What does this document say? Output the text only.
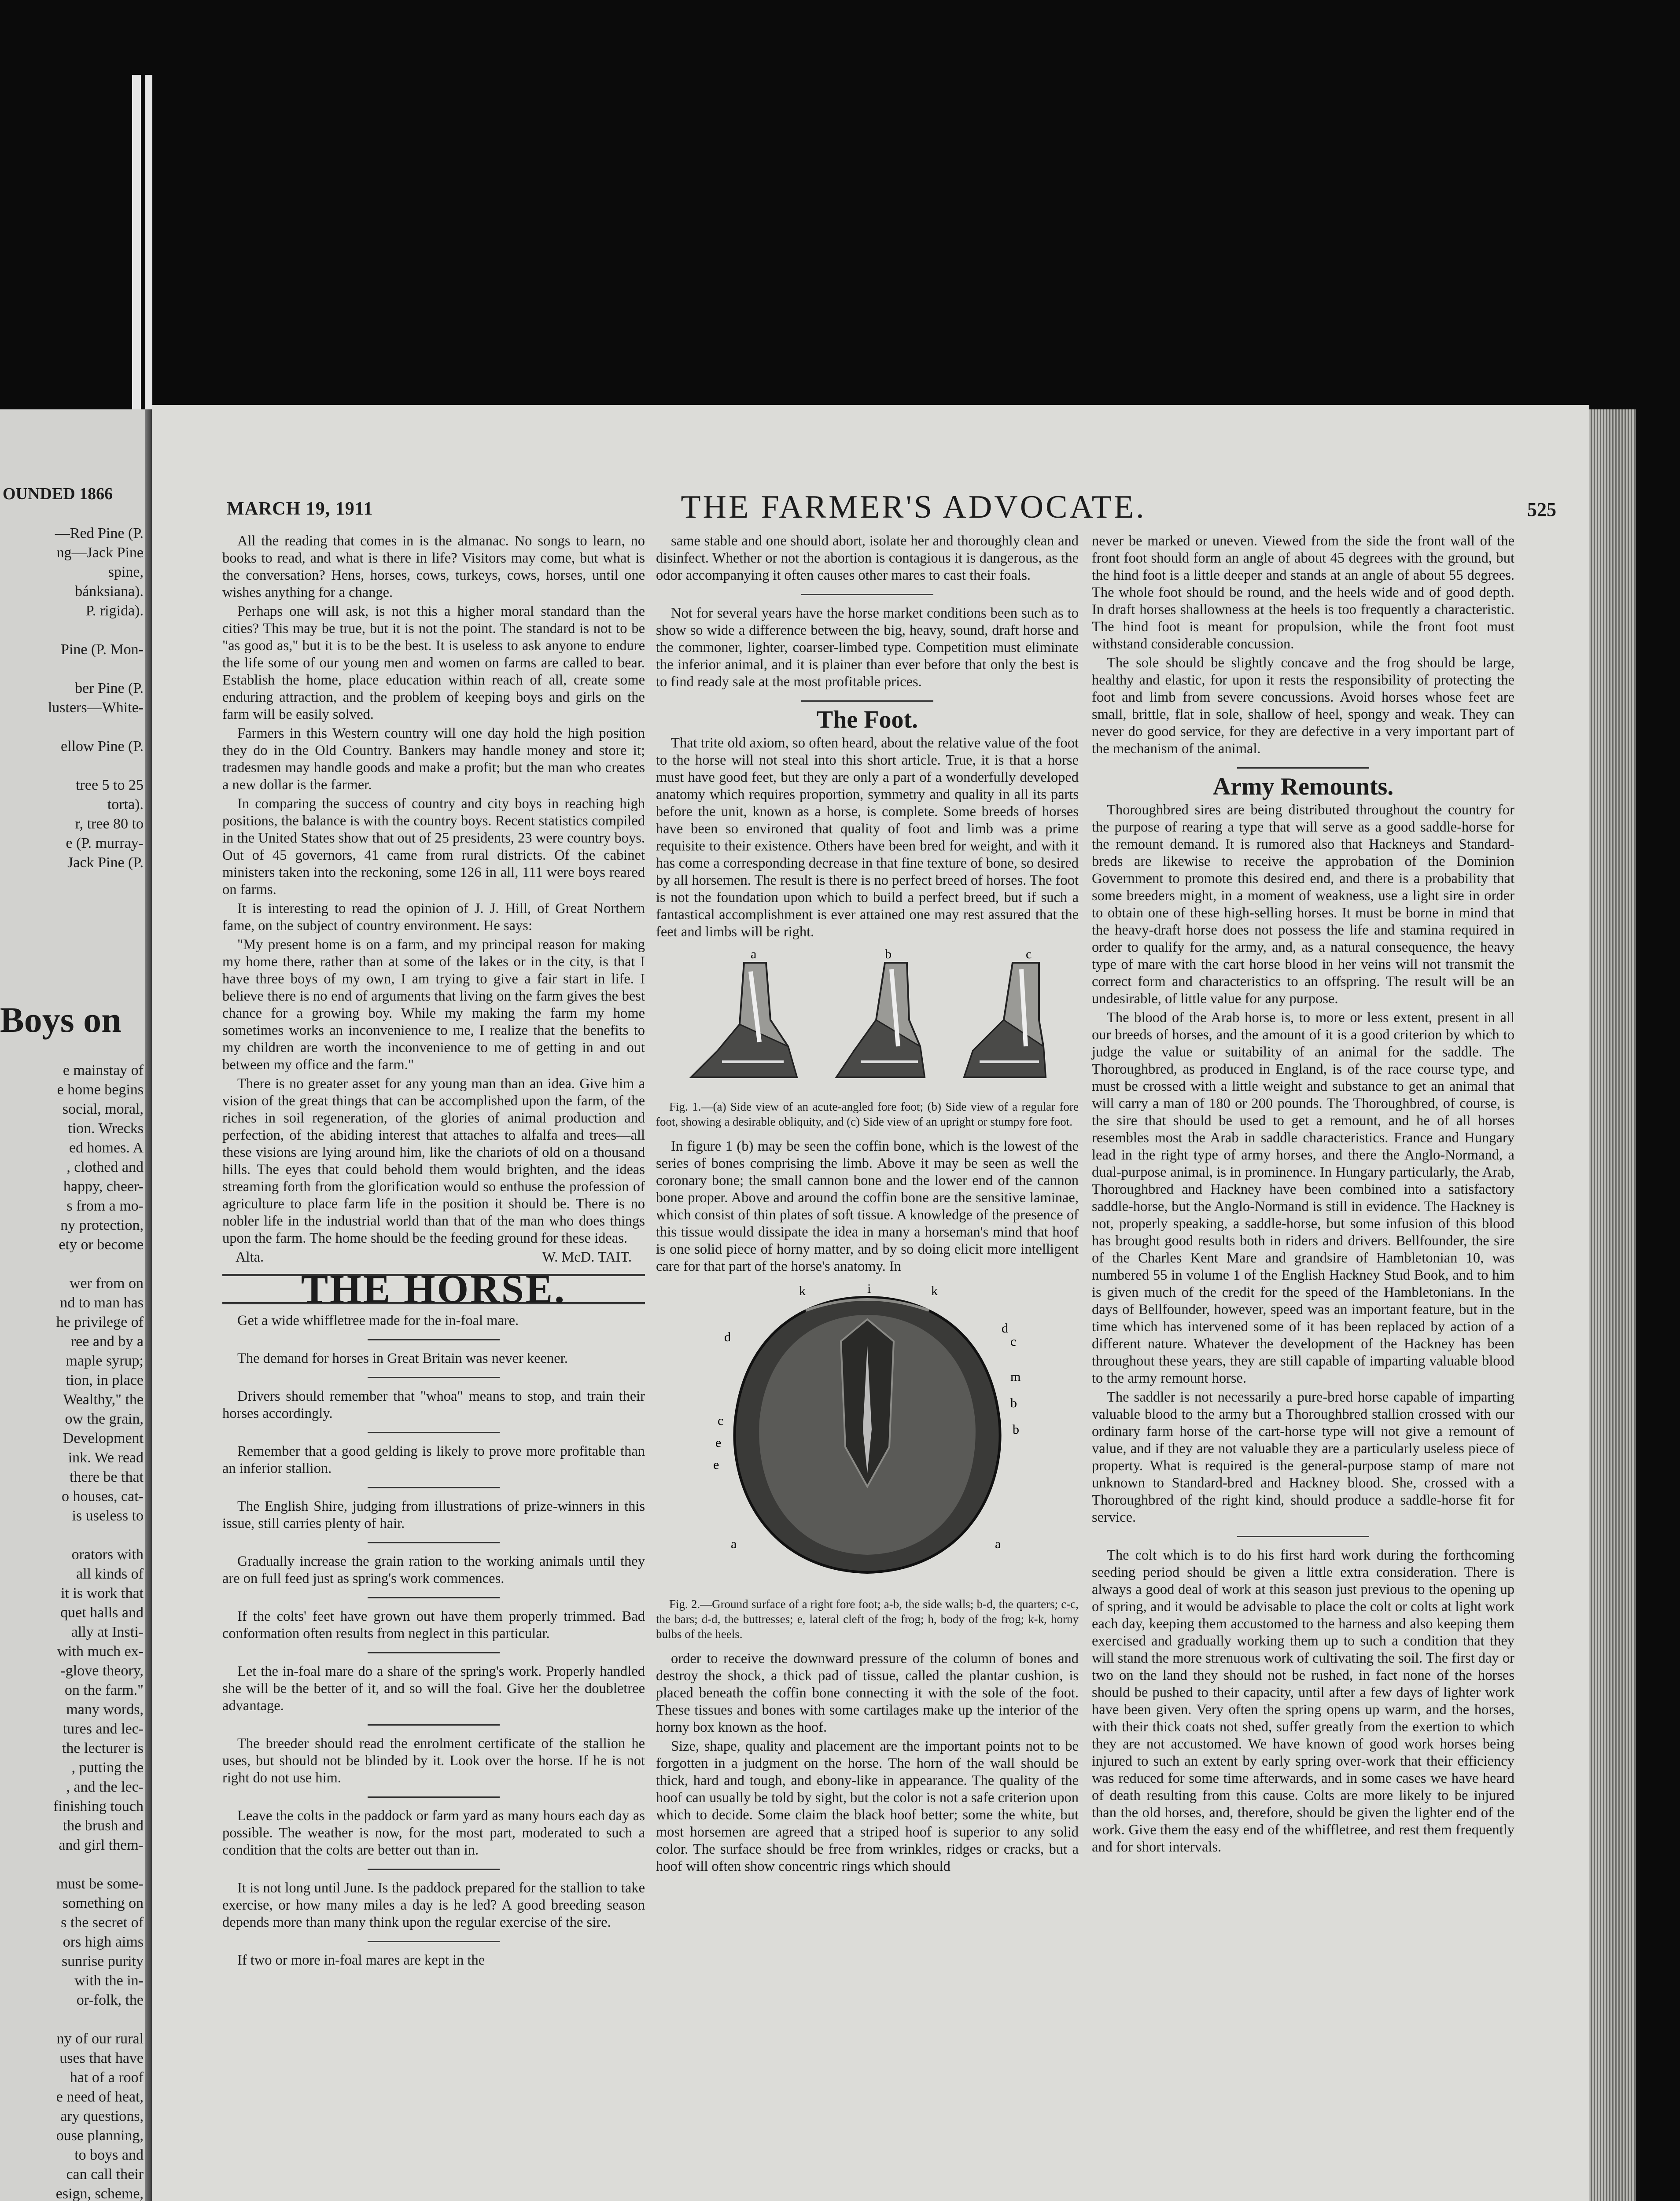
OUNDED 1866
—Red Pine (P.
ng—Jack Pine
spine,
bánksiana).
P. rigida).

Pine (P. Mon-

ber Pine (P.
lusters—White-

ellow Pine (P.

tree 5 to 25
torta).
r, tree 80 to
e (P. murray-
Jack Pine (P.
Boys on
e mainstay of
e home begins
social, moral,
tion. Wrecks
ed homes. A
, clothed and
happy, cheer-
s from a mo-
ny protection,
ety or become

wer from on
nd to man has
he privilege of
ree and by a
maple syrup;
tion, in place
Wealthy," the
ow the grain,
Development
ink. We read
there be that
o houses, cat-
is useless to

orators with
all kinds of
it is work that
quet halls and
ally at Insti-
with much ex-
-glove theory,
on the farm."
many words,
tures and lec-
the lecturer is
, putting the
, and the lec-
finishing touch
the brush and
and girl them-

must be some-
something on
s the secret of
ors high aims
sunrise purity
with the in-
or-folk, the

ny of our rural
uses that have
hat of a roof
e need of heat,
ary questions,
ouse planning,
to boys and
can call their
esign, scheme,

MARCH 19, 1911	THE FARMER'S ADVOCATE.	525

All the reading that comes in is the almanac. No songs to learn, no books to read, and what is there in life? Visitors may come, but what is the conversation? Hens, horses, cows, turkeys, cows, horses, until one wishes anything for a change.

Perhaps one will ask, is not this a higher moral standard than the cities? This may be true, but it is not the point. The standard is not to be "as good as," but it is to be the best. It is useless to ask anyone to endure the life some of our young men and women on farms are called to bear. Establish the home, place education within reach of all, create some enduring attraction, and the problem of keeping boys and girls on the farm will be easily solved.

Farmers in this Western country will one day hold the high position they do in the Old Country. Bankers may handle money and store it; tradesmen may handle goods and make a profit; but the man who creates a new dollar is the farmer.

In comparing the success of country and city boys in reaching high positions, the balance is with the country boys. Recent statistics compiled in the United States show that out of 25 presidents, 23 were country boys. Out of 45 governors, 41 came from rural districts. Of the cabinet ministers taken into the reckoning, some 126 in all, 111 were boys reared on farms.

It is interesting to read the opinion of J. J. Hill, of Great Northern fame, on the subject of country environment. He says:

"My present home is on a farm, and my principal reason for making my home there, rather than at some of the lakes or in the city, is that I have three boys of my own, I am trying to give a fair start in life. I believe there is no end of arguments that living on the farm gives the best chance for a growing boy. While my making the farm my home sometimes works an inconvenience to me, I realize that the benefits to my children are worth the inconvenience to me of getting in and out between my office and the farm."

There is no greater asset for any young man than an idea. Give him a vision of the great things that can be accomplished upon the farm, of the riches in soil regeneration, of the glories of animal production and perfection, of the abiding interest that attaches to alfalfa and trees—all these visions are lying around him, like the chariots of old on a thousand hills. The eyes that could behold them would brighten, and the ideas streaming forth from the glorification would so enthuse the profession of agriculture to place farm life in the position it should be. There is no nobler life in the industrial world than that of the man who does things upon the farm. The home should be the feeding ground for these ideas.

Alta.	W. McD. TAIT.

THE HORSE.

Get a wide whiffletree made for the in-foal mare.

The demand for horses in Great Britain was never keener.

Drivers should remember that "whoa" means to stop, and train their horses accordingly.

Remember that a good gelding is likely to prove more profitable than an inferior stallion.

The English Shire, judging from illustrations of prize-winners in this issue, still carries plenty of hair.

Gradually increase the grain ration to the working animals until they are on full feed just as spring's work commences.

If the colts' feet have grown out have them properly trimmed. Bad conformation often results from neglect in this particular.

Let the in-foal mare do a share of the spring's work. Properly handled she will be the better of it, and so will the foal. Give her the doubletree advantage.

The breeder should read the enrolment certificate of the stallion he uses, but should not be blinded by it. Look over the horse. If he is not right do not use him.

Leave the colts in the paddock or farm yard as many hours each day as possible. The weather is now, for the most part, moderated to such a condition that the colts are better out than in.

It is not long until June. Is the paddock prepared for the stallion to take exercise, or how many miles a day is he led? A good breeding season depends more than many think upon the regular exercise of the sire.

If two or more in-foal mares are kept in the

same stable and one should abort, isolate her and thoroughly clean and disinfect. Whether or not the abortion is contagious it is dangerous, as the odor accompanying it often causes other mares to cast their foals.

Not for several years have the horse market conditions been such as to show so wide a difference between the big, heavy, sound, draft horse and the commoner, lighter, coarser-limbed type. Competition must eliminate the inferior animal, and it is plainer than ever before that only the best is to find ready sale at the most profitable prices.

The Foot.

That trite old axiom, so often heard, about the relative value of the foot to the horse will not steal into this short article. True, it is that a horse must have good feet, but they are only a part of a wonderfully developed anatomy which requires proportion, symmetry and quality in all its parts before the unit, known as a horse, is complete. Some breeds of horses have been so environed that quality of foot and limb was a prime requisite to their existence. Others have been bred for weight, and with it has come a corresponding decrease in that fine texture of bone, so desired by all horsemen. The result is there is no perfect breed of horses. The foot is not the foundation upon which to build a perfect breed, but if such a fantastical accomplishment is ever attained one may rest assured that the feet and limbs will be right.

a	b	c
Fig. 1.—(a) Side view of an acute-angled fore foot; (b) Side view of a regular fore foot, showing a desirable obliquity, and (c) Side view of an upright or stumpy fore foot.

In figure 1 (b) may be seen the coffin bone, which is the lowest of the series of bones comprising the limb. Above it may be seen as well the coronary bone; the small cannon bone and the lower end of the cannon bone proper. Above and around the coffin bone are the sensitive laminae, which consist of thin plates of soft tissue. A knowledge of the presence of this tissue would dissipate the idea in many a horseman's mind that hoof is one solid piece of horny matter, and by so doing elicit more intelligent care for that part of the horse's anatomy. In

k	i	k
d
d
c
c
m
b
e
b
e
a	a
Fig. 2.—Ground surface of a right fore foot; a-b, the side walls; b-d, the quarters; c-c, the bars; d-d, the buttresses; e, lateral cleft of the frog; h, body of the frog; k-k, horny bulbs of the heels.

order to receive the downward pressure of the column of bones and destroy the shock, a thick pad of tissue, called the plantar cushion, is placed beneath the coffin bone connecting it with the sole of the foot. These tissues and bones with some cartilages make up the interior of the horny box known as the hoof.

Size, shape, quality and placement are the important points not to be forgotten in a judgment on the horse. The horn of the wall should be thick, hard and tough, and ebony-like in appearance. The quality of the hoof can usually be told by sight, but the color is not a safe criterion upon which to decide. Some claim the black hoof better; some the white, but most horsemen are agreed that a striped hoof is superior to any solid color. The surface should be free from wrinkles, ridges or cracks, but a hoof will often show concentric rings which should

never be marked or uneven. Viewed from the side the front wall of the front foot should form an angle of about 45 degrees with the ground, but the hind foot is a little deeper and stands at an angle of about 55 degrees. The whole foot should be round, and the heels wide and of good depth. In draft horses shallowness at the heels is too frequently a characteristic. The hind foot is meant for propulsion, while the front foot must withstand considerable concussion.

The sole should be slightly concave and the frog should be large, healthy and elastic, for upon it rests the responsibility of protecting the foot and limb from severe concussions. Avoid horses whose feet are small, brittle, flat in sole, shallow of heel, spongy and weak. They can never do good service, for they are defective in a very important part of the mechanism of the animal.

Army Remounts.

Thoroughbred sires are being distributed throughout the country for the purpose of rearing a type that will serve as a good saddle-horse for the remount demand. It is rumored also that Hackneys and Standard-breds are likewise to receive the approbation of the Dominion Government to promote this desired end, and there is a probability that some breeders might, in a moment of weakness, use a light sire in order to obtain one of these high-selling horses. It must be borne in mind that the heavy-draft horse does not possess the life and stamina required in order to qualify for the army, and, as a natural consequence, the heavy type of mare with the cart horse blood in her veins will not transmit the correct form and characteristics to an offspring. The result will be an undesirable, of little value for any purpose.

The blood of the Arab horse is, to more or less extent, present in all our breeds of horses, and the amount of it is a good criterion by which to judge the value or suitability of an animal for the saddle. The Thoroughbred, as produced in England, is of the race course type, and must be crossed with a little weight and substance to get an animal that will carry a man of 180 or 200 pounds. The Thoroughbred, of course, is the sire that should be used to get a remount, and he of all horses resembles most the Arab in saddle characteristics. France and Hungary lead in the right type of army horses, and there the Anglo-Normand, a dual-purpose animal, is in prominence. In Hungary particularly, the Arab, Thoroughbred and Hackney have been combined into a satisfactory saddle-horse, but the Anglo-Normand is still in evidence. The Hackney is not, properly speaking, a saddle-horse, but some infusion of this blood has brought good results both in riders and drivers. Bellfounder, the sire of the Charles Kent Mare and grandsire of Hambletonian 10, was numbered 55 in volume 1 of the English Hackney Stud Book, and to him is given much of the credit for the speed of the Hambletonians. In the days of Bellfounder, however, speed was an important feature, but in the time which has intervened some of it has been replaced by action of a different nature. Whatever the development of the Hackney has been throughout these years, they are still capable of imparting valuable blood to the army remount horse.

The saddler is not necessarily a pure-bred horse capable of imparting valuable blood to the army but a Thoroughbred stallion crossed with our ordinary farm horse of the cart-horse type will not give a remount of value, and if they are not valuable they are a particularly useless piece of property. What is required is the general-purpose stamp of mare not unknown to Standard-bred and Hackney blood. She, crossed with a Thoroughbred of the right kind, should produce a saddle-horse fit for service.

The colt which is to do his first hard work during the forthcoming seeding period should be given a little extra consideration. There is always a good deal of work at this season just previous to the opening up of spring, and it would be advisable to place the colt or colts at light work each day, keeping them accustomed to the harness and also keeping them exercised and gradually working them up to such a condition that they will stand the more strenuous work of cultivating the soil. The first day or two on the land they should not be rushed, in fact none of the horses should be pushed to their capacity, until after a few days of lighter work have been given. Very often the spring opens up warm, and the horses, with their thick coats not shed, suffer greatly from the exertion to which they are not accustomed. We have known of good work horses being injured to such an extent by early spring over-work that their efficiency was reduced for some time afterwards, and in some cases we have heard of death resulting from this cause. Colts are more likely to be injured than the old horses, and, therefore, should be given the lighter end of the work. Give them the easy end of the whiffletree, and rest them frequently and for short intervals.
